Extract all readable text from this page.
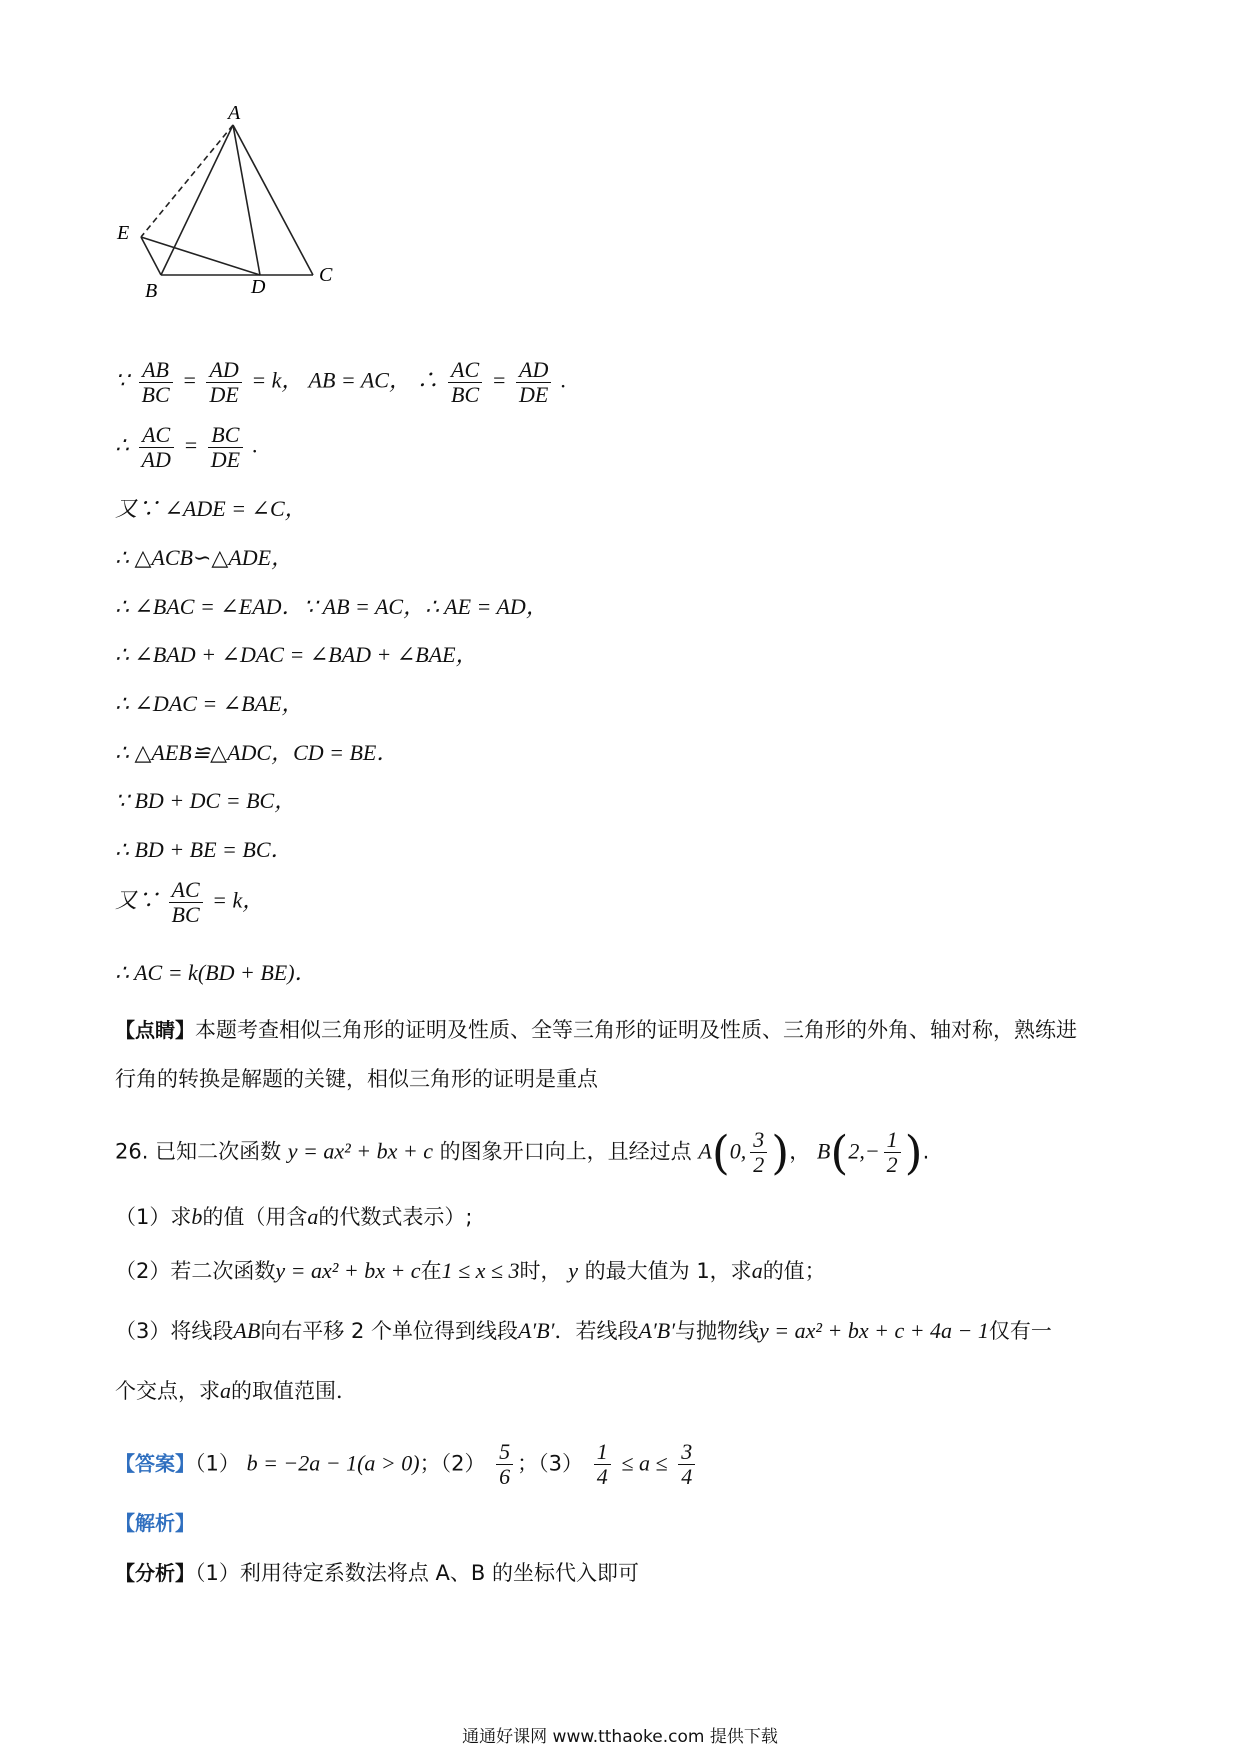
A
E
B	D
C
∵ $\frac{AB}{BC} = \frac{AD}{DE} = k$， AB = AC， ∴ $\frac{AC}{BC} = \frac{AD}{DE}$ .
∴ $\frac{AC}{AD} = \frac{BC}{DE}$ .
又∵ ∠ADE = ∠C，
∴ △ACB∽△ADE，
∴ ∠BAC = ∠EAD．∵ AB = AC，∴ AE = AD，
∴ ∠BAD + ∠DAC = ∠BAD + ∠BAE，
∴ ∠DAC = ∠BAE，
∴ △AEB≌△ADC，CD = BE．
∵ BD + DC = BC，
∴ BD + BE = BC．
又∵ $\frac{AC}{BC} = k$，
∴ AC = k(BD + BE)．
【点睛】本题考查相似三角形的证明及性质、全等三角形的证明及性质、三角形的外角、轴对称，熟练进
行角的转换是解题的关键，相似三角形的证明是重点
26. 已知二次函数 y = ax² + bx + c 的图象开口向上，且经过点 A(0, $\frac{3}{2}$ )， $B(2,- \frac{1}{2}$ ).
（1）求b的值（用含a的代数式表示）;
（2）若二次函数y = ax² + bx + c在1 ≤ x ≤ 3时， y 的最大值为 1，求a的值；
（3）将线段AB向右平移 2 个单位得到线段A′B′．若线段A′B′与抛物线y = ax² + bx + c + 4a − 1仅有一
个交点，求a的取值范围．
【答案】（1） b = −2a − 1(a > 0)；$(2) \frac{5}{6}$ ；$(3) \frac{1}{4} \le a \le \frac{3}{4}$
【解析】
【分析】（1）利用待定系数法将点 A、B 的坐标代入即可
通通好课网 www.tthaoke.com 提供下载
